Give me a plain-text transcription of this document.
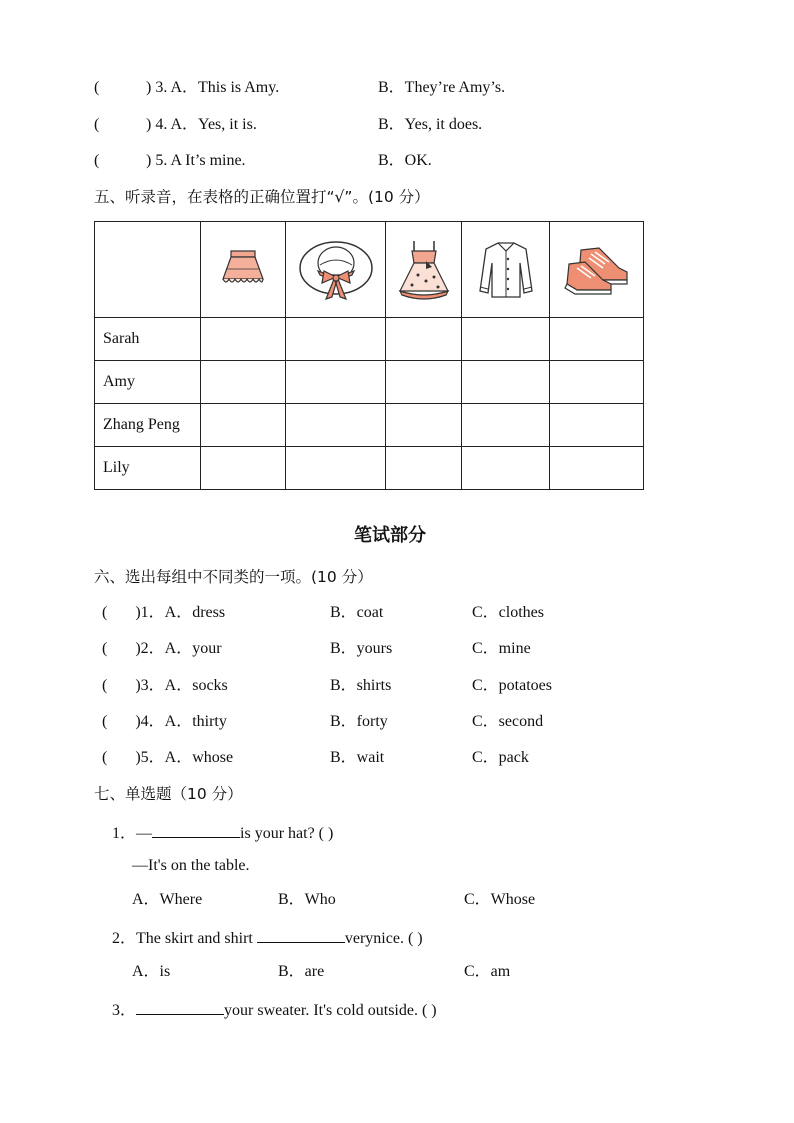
(	) 3. A．This is Amy.	B．They’re Amy’s.
(	) 4. A．Yes, it is.	B．Yes, it does.
(	) 5. A It’s mine.	B．OK.
五、听录音，在表格的正确位置打“√”。(10 分）

Sarah					
Amy					
Zhang Peng					
Lily					
笔试部分
六、选出每组中不同类的一项。(10 分）
(       )1．A．dress	B．coat	C．clothes
(       )2．A．your	B．yours	C．mine
(       )3．A．socks	B．shirts	C．potatoes
(       )4．A．thirty	B．forty	C．second
(       )5．A．whose	B．wait	C．pack
七、单选题（10 分）
1．—	is your hat? ( )
—It's on the table.
A．Where	B．Who	C．Whose
2．The skirt and shirt	verynice. ( )
A．is	B．are	C．am
3．	your sweater. It's cold outside. ( )
